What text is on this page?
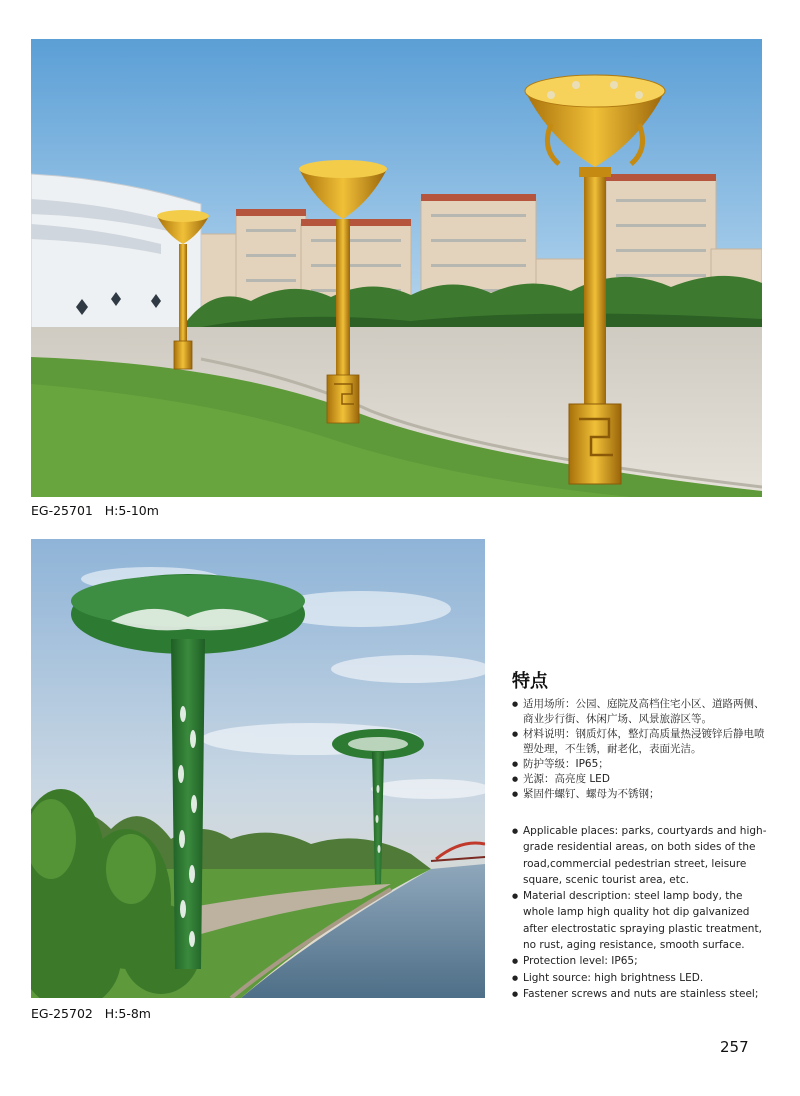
EG-25701   H:5-10m
EG-25702   H:5-8m
特点
● 适用场所：公园、庭院及高档住宅小区、道路两侧、商业步行街、休闲广场、风景旅游区等。
● 材料说明：钢质灯体，整灯高质量热浸镀锌后静电喷塑处理，不生锈，耐老化，表面光洁。
● 防护等级：IP65；
● 光源：高亮度 LED
● 紧固件螺钉、螺母为不锈钢；
● Applicable places: parks, courtyards and high-grade residential areas, on both sides of the road,commercial pedestrian street, leisure square, scenic tourist area, etc.
● Material description: steel lamp body, the whole lamp high quality hot dip galvanized after electrostatic spraying plastic treatment, no rust, aging resistance, smooth surface.
● Protection level: IP65;
● Light source: high brightness LED.
● Fastener screws and nuts are stainless steel;
257
